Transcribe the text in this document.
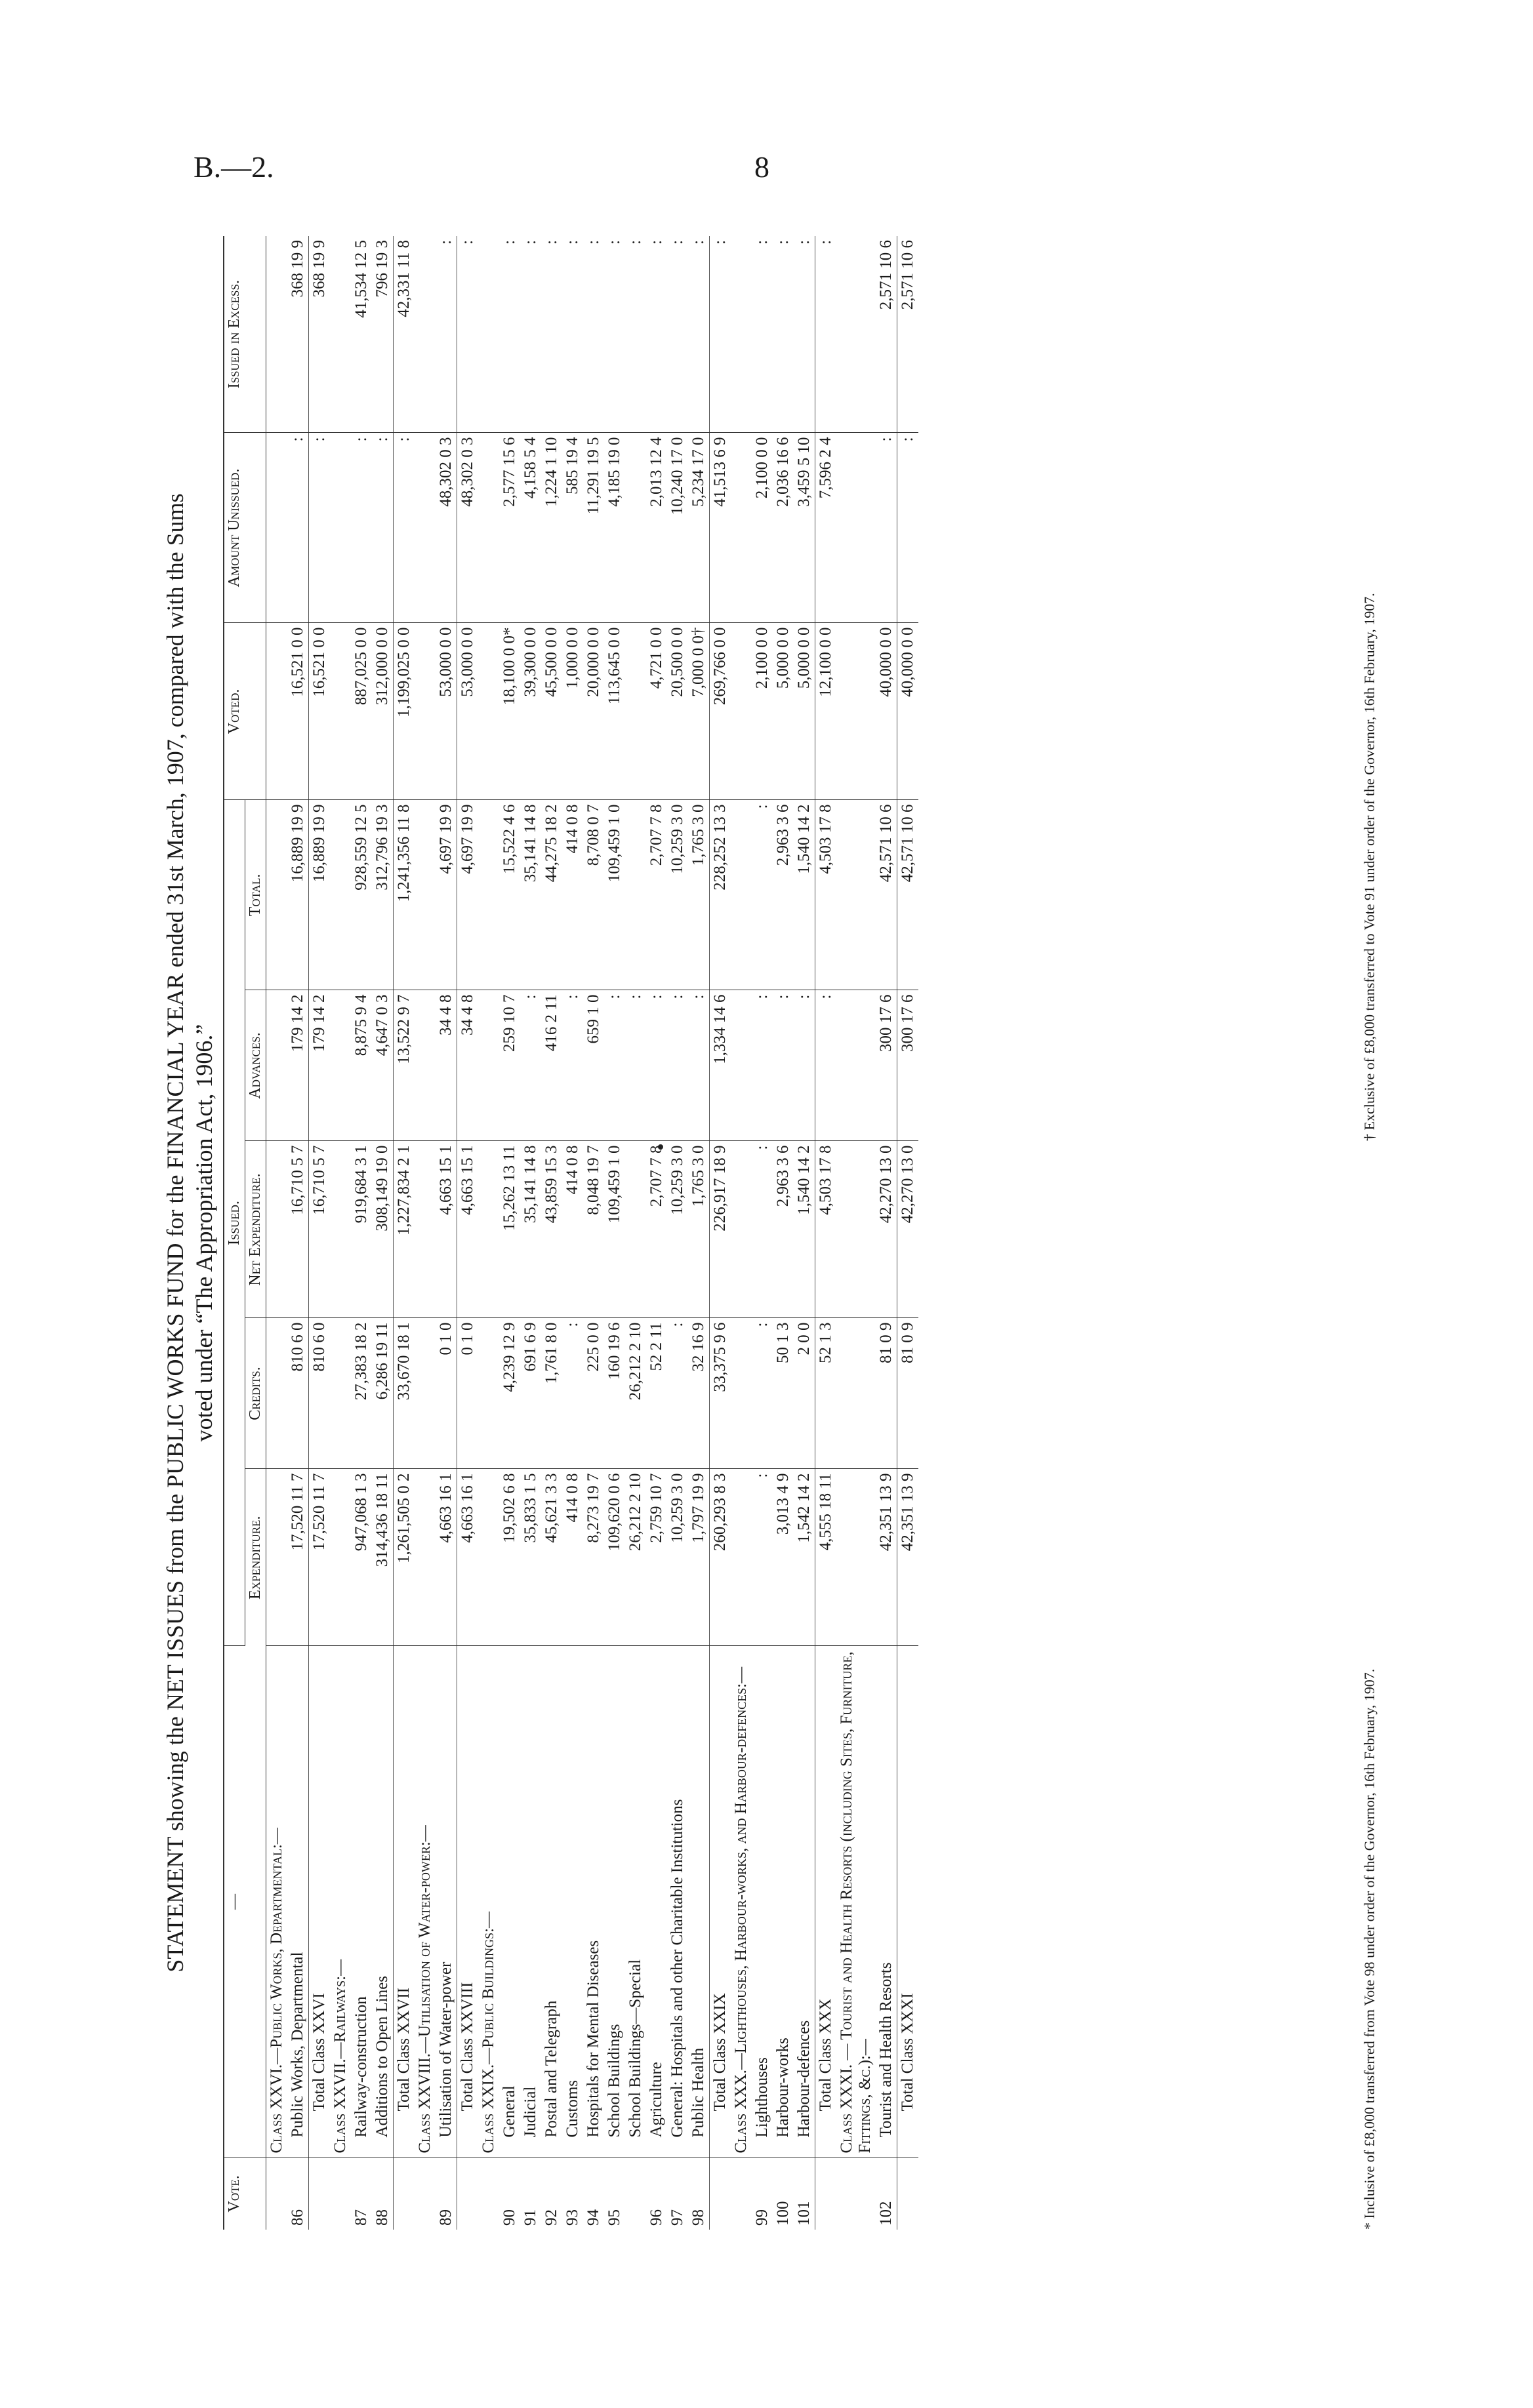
B.—2.	8
STATEMENT showing the NET ISSUES from the PUBLIC WORKS FUND for the FINANCIAL YEAR ended 31st March, 1907, compared with the Sums voted under “The Appropriation Act, 1906.”
Vote.	—	Issued.					Voted.	Amount Unissued.	Issued in Excess.
		Expenditure.	Credits.	Net Expenditure.	Advances.	Total.			
	Class XXVI.—Public Works, Departmental:—								
86	Public Works, Departmental	17,520 11 7	810 6 0	16,710 5 7	179 14 2	16,889 19 9	16,521 0 0	:	368 19 9
	Total Class XXVI	17,520 11 7	810 6 0	16,710 5 7	179 14 2	16,889 19 9	16,521 0 0	:	368 19 9
	Class XXVII.—Railways:—								
87	Railway-construction	947,068 1 3	27,383 18 2	919,684 3 1	8,875 9 4	928,559 12 5	887,025 0 0	:	41,534 12 5
88	Additions to Open Lines	314,436 18 11	6,286 19 11	308,149 19 0	4,647 0 3	312,796 19 3	312,000 0 0	:	796 19 3
	Total Class XXVII	1,261,505 0 2	33,670 18 1	1,227,834 2 1	13,522 9 7	1,241,356 11 8	1,199,025 0 0	:	42,331 11 8
	Class XXVIII.—Utilisation of Water-power:—								
89	Utilisation of Water-power	4,663 16 1	0 1 0	4,663 15 1	34 4 8	4,697 19 9	53,000 0 0	48,302 0 3	:
	Total Class XXVIII	4,663 16 1	0 1 0	4,663 15 1	34 4 8	4,697 19 9	53,000 0 0	48,302 0 3	:
	Class XXIX.—Public Buildings:—								
90	General	19,502 6 8	4,239 12 9	15,262 13 11	259 10 7	15,522 4 6	18,100 0 0*	2,577 15 6	:
91	Judicial	35,833 1 5	691 6 9	35,141 14 8	:	35,141 14 8	39,300 0 0	4,158 5 4	:
92	Postal and Telegraph	45,621 3 3	1,761 8 0	43,859 15 3	416 2 11	44,275 18 2	45,500 0 0	1,224 1 10	:
93	Customs	414 0 8	:	414 0 8	:	414 0 8	1,000 0 0	585 19 4	:
94	Hospitals for Mental Diseases	8,273 19 7	225 0 0	8,048 19 7	659 1 0	8,708 0 7	20,000 0 0	11,291 19 5	:
95	School Buildings	109,620 0 6	160 19 6	109,459 1 0	:	109,459 1 0	113,645 0 0	4,185 19 0	:
	School Buildings—Special	26,212 2 10	26,212 2 10		:				:
96	Agriculture	2,759 10 7	52 2 11	2,707 7 8	:	2,707 7 8	4,721 0 0	2,013 12 4	:
97	General: Hospitals and other Charitable Institutions	10,259 3 0	:	10,259 3 0	:	10,259 3 0	20,500 0 0	10,240 17 0	:
98	Public Health	1,797 19 9	32 16 9	1,765 3 0	:	1,765 3 0	7,000 0 0†	5,234 17 0	:
	Total Class XXIX	260,293 8 3	33,375 9 6	226,917 18 9	1,334 14 6	228,252 13 3	269,766 0 0	41,513 6 9	:
	Class XXX.—Lighthouses, Harbour-works, and Harbour-defences:—								
99	Lighthouses	:	:	:	:	:	2,100 0 0	2,100 0 0	:
100	Harbour-works	3,013 4 9	50 1 3	2,963 3 6	:	2,963 3 6	5,000 0 0	2,036 16 6	:
101	Harbour-defences	1,542 14 2	2 0 0	1,540 14 2	:	1,540 14 2	5,000 0 0	3,459 5 10	:
	Total Class XXX	4,555 18 11	52 1 3	4,503 17 8	:	4,503 17 8	12,100 0 0	7,596 2 4	:
	Class XXXI. — Tourist and Health Resorts (including Sites, Furniture, Fittings, &c.):—								
102	Tourist and Health Resorts	42,351 13 9	81 0 9	42,270 13 0	300 17 6	42,571 10 6	40,000 0 0	:	2,571 10 6
	Total Class XXXI	42,351 13 9	81 0 9	42,270 13 0	300 17 6	42,571 10 6	40,000 0 0	:	2,571 10 6
* Inclusive of £8,000 transferred from Vote 98 under order of the Governor, 16th February, 1907.
† Exclusive of £8,000 transferred to Vote 91 under order of the Governor, 16th February, 1907.
